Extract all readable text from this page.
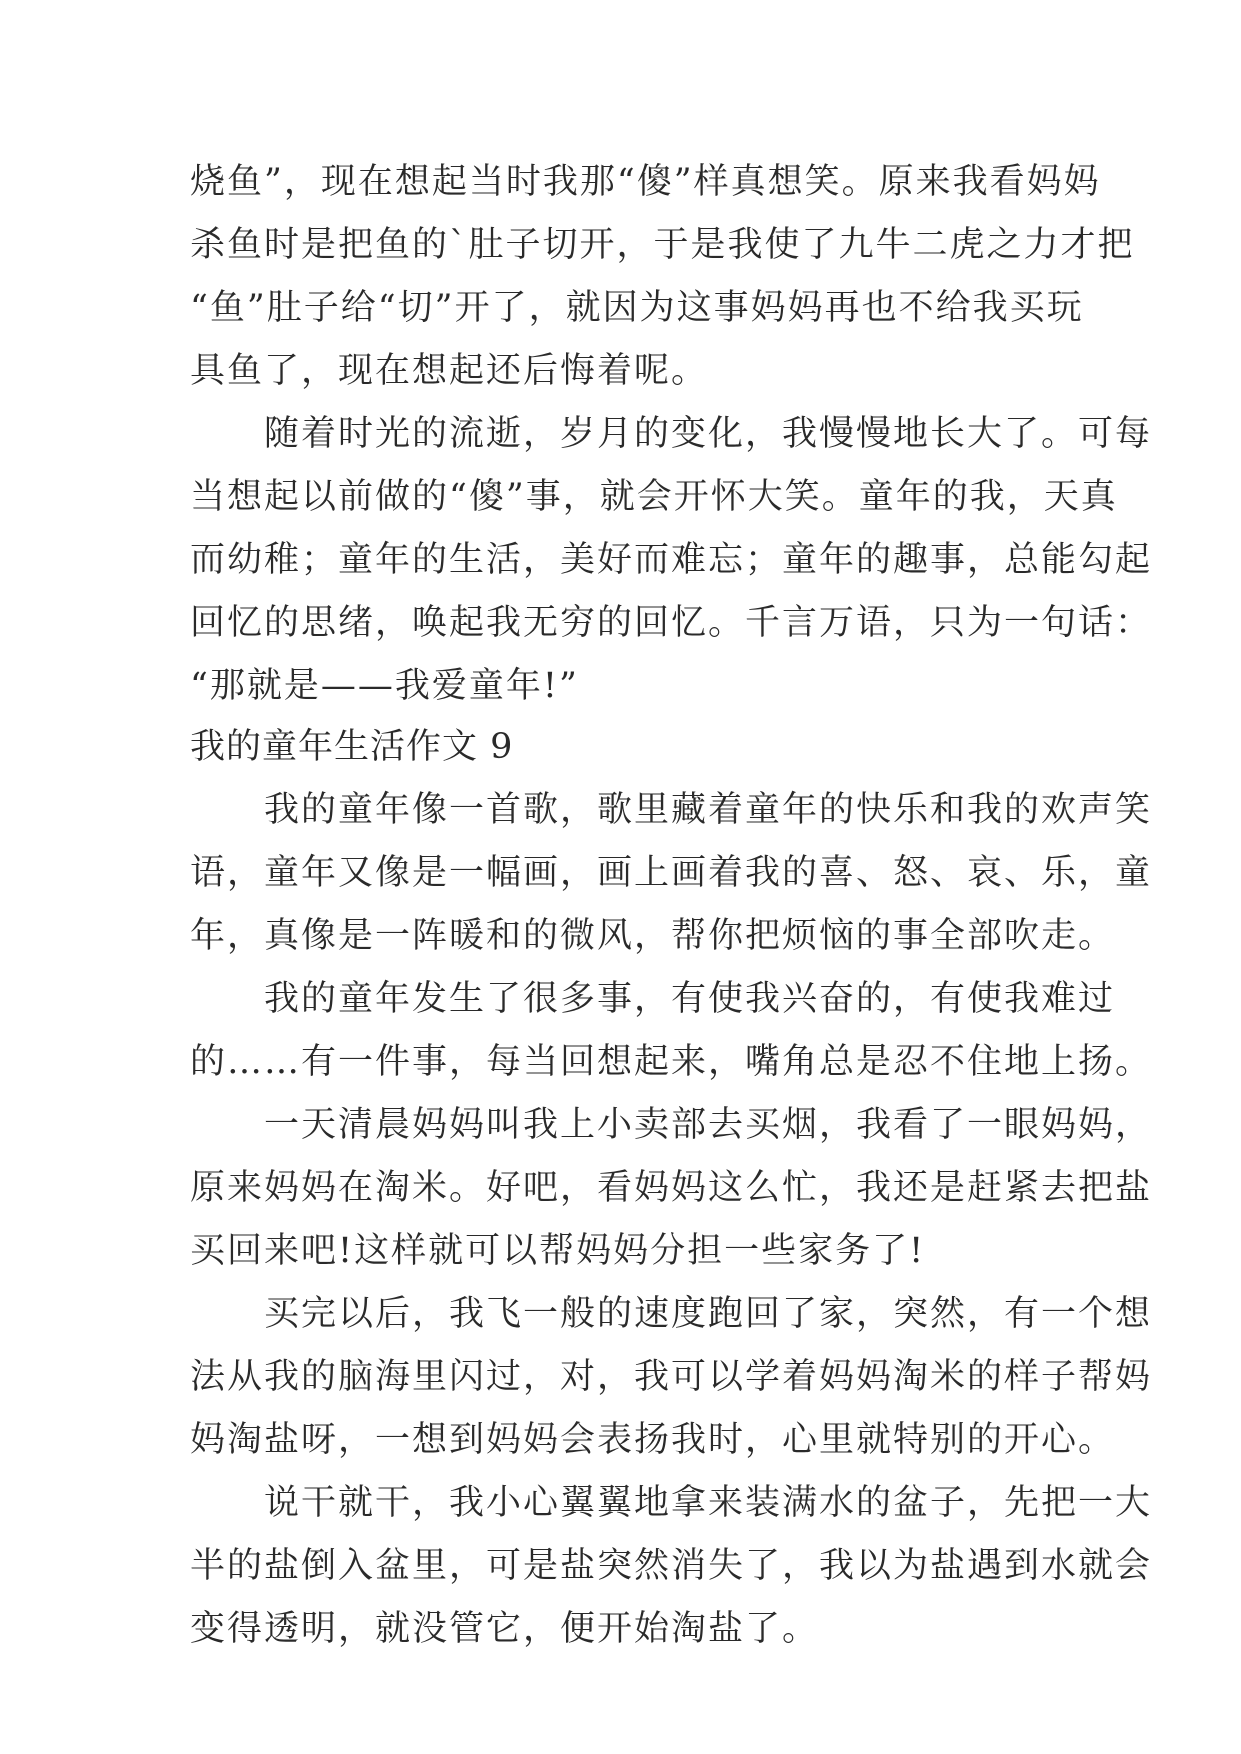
烧鱼”，现在想起当时我那“傻”样真想笑。原来我看妈妈
杀鱼时是把鱼的`肚子切开，于是我使了九牛二虎之力才把
“鱼”肚子给“切”开了，就因为这事妈妈再也不给我买玩
具鱼了，现在想起还后悔着呢。
　　随着时光的流逝，岁月的变化，我慢慢地长大了。可每
当想起以前做的“傻”事，就会开怀大笑。童年的我，天真
而幼稚；童年的生活，美好而难忘；童年的趣事，总能勾起
回忆的思绪，唤起我无穷的回忆。千言万语，只为一句话：
“那就是——我爱童年!”
我的童年生活作文 9
　　我的童年像一首歌，歌里藏着童年的快乐和我的欢声笑
语，童年又像是一幅画，画上画着我的喜、怒、哀、乐，童
年，真像是一阵暖和的微风，帮你把烦恼的事全部吹走。
　　我的童年发生了很多事，有使我兴奋的，有使我难过
的……有一件事，每当回想起来，嘴角总是忍不住地上扬。
　　一天清晨妈妈叫我上小卖部去买烟，我看了一眼妈妈，
原来妈妈在淘米。好吧，看妈妈这么忙，我还是赶紧去把盐
买回来吧!这样就可以帮妈妈分担一些家务了!
　　买完以后，我飞一般的速度跑回了家，突然，有一个想
法从我的脑海里闪过，对，我可以学着妈妈淘米的样子帮妈
妈淘盐呀，一想到妈妈会表扬我时，心里就特别的开心。
　　说干就干，我小心翼翼地拿来装满水的盆子，先把一大
半的盐倒入盆里，可是盐突然消失了，我以为盐遇到水就会
变得透明，就没管它，便开始淘盐了。
